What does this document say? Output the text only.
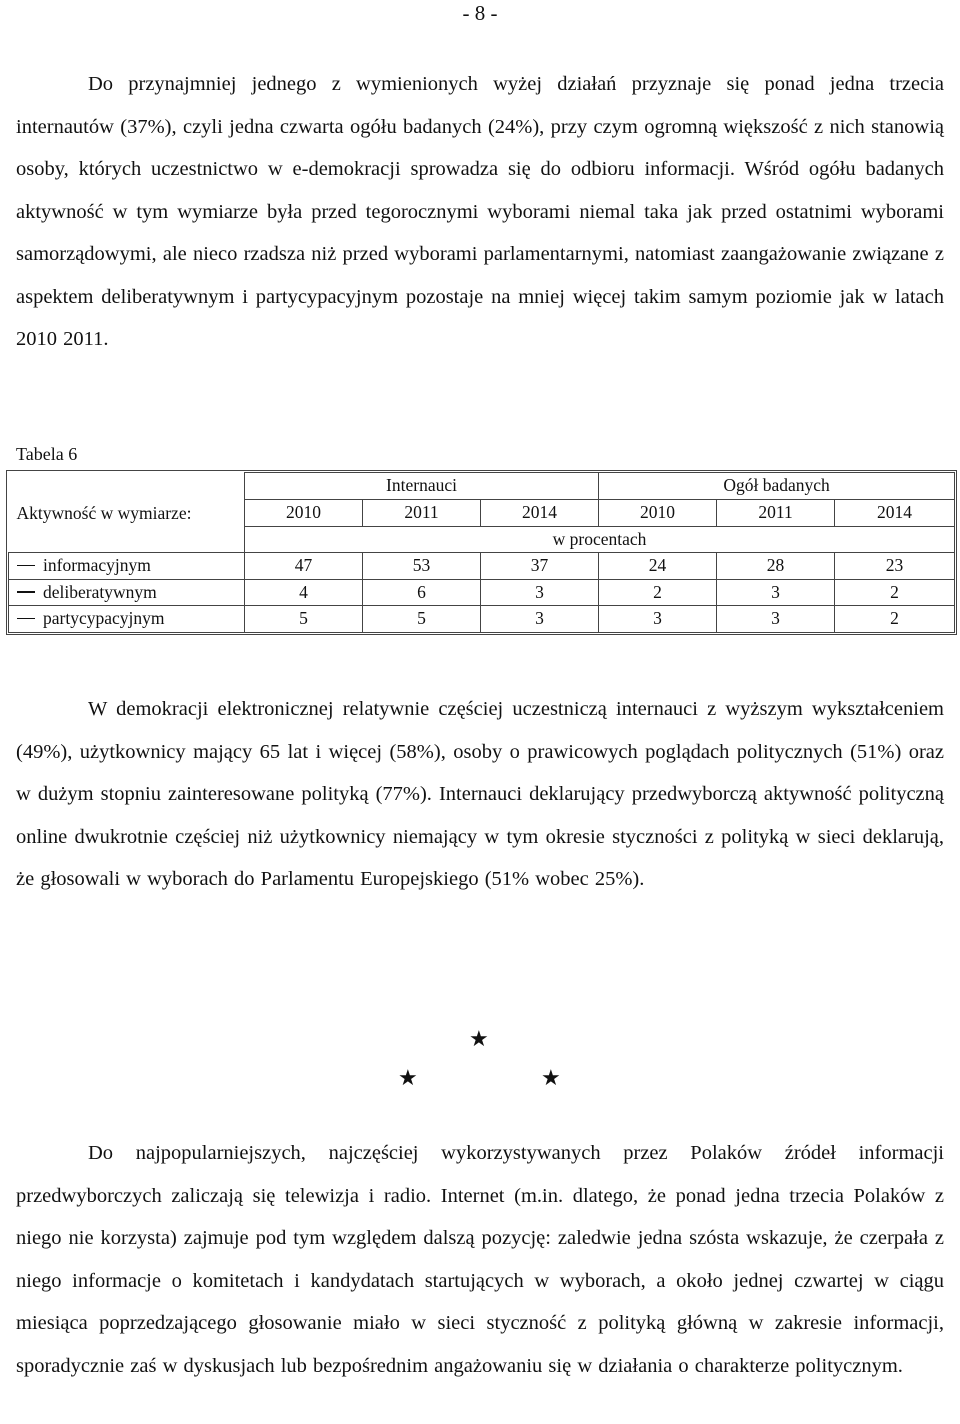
- 8 -

Do przynajmniej jednego z wymienionych wyżej działań przyznaje się ponad jedna trzecia internautów (37%), czyli jedna czwarta ogółu badanych (24%), przy czym ogromną większość z nich stanowią osoby, których uczestnictwo w e-demokracji sprowadza się do odbioru informacji. Wśród ogółu badanych aktywność w tym wymiarze była przed tegorocznymi wyborami niemal taka jak przed ostatnimi wyborami samorządowymi, ale nieco rzadsza niż przed wyborami parlamentarnymi, natomiast zaangażowanie związane z aspektem deliberatywnym i partycypacyjnym pozostaje na mniej więcej takim samym poziomie jak w latach 2010 2011.

Tabela 6
Aktywność w wymiarze:	Internauci			Ogół badanych		
	2010	2011	2014	2010	2011	2014
	w procentach					
informacyjnym	47	53	37	24	28	23
deliberatywnym	4	6	3	2	3	2
partycypacyjnym	5	5	3	3	3	2

W demokracji elektronicznej relatywnie częściej uczestniczą internauci z wyższym wykształceniem (49%), użytkownicy mający 65 lat i więcej (58%), osoby o prawicowych poglądach politycznych (51%) oraz w dużym stopniu zainteresowane polityką (77%). Internauci deklarujący przedwyborczą aktywność polityczną online dwukrotnie częściej niż użytkownicy niemający w tym okresie styczności z polityką w sieci deklarują, że głosowali w wyborach do Parlamentu Europejskiego (51% wobec 25%).

★
★	★

Do najpopularniejszych, najczęściej wykorzystywanych przez Polaków źródeł informacji przedwyborczych zaliczają się telewizja i radio. Internet (m.in. dlatego, że ponad jedna trzecia Polaków z niego nie korzysta) zajmuje pod tym względem dalszą pozycję: zaledwie jedna szósta wskazuje, że czerpała z niego informacje o komitetach i kandydatach startujących w wyborach, a około jednej czwartej w ciągu miesiąca poprzedzającego głosowanie miało w sieci styczność z polityką główną w zakresie informacji, sporadycznie zaś w dyskusjach lub bezpośrednim angażowaniu się w działania o charakterze politycznym.
